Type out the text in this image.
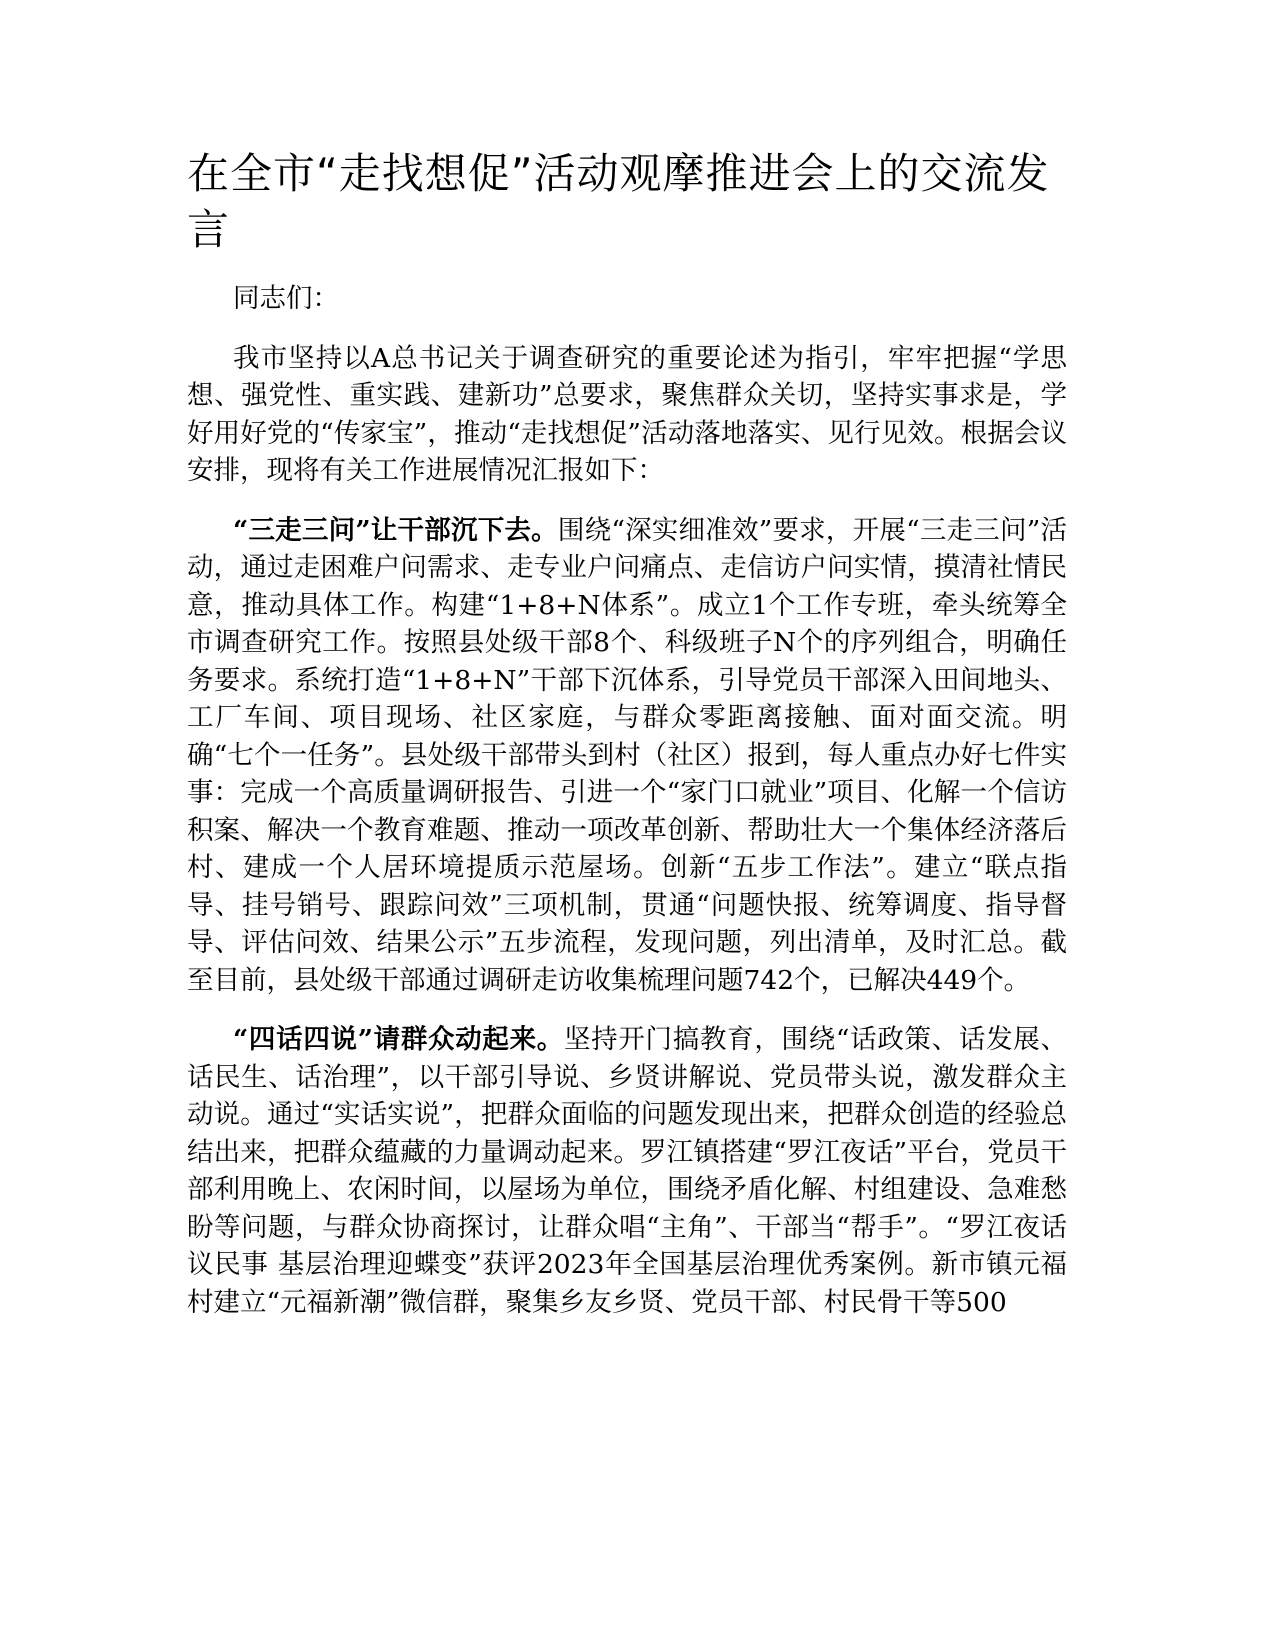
在全市“走找想促”活动观摩推进会上的交流发言

同志们：

我市坚持以A总书记关于调查研究的重要论述为指引，牢牢把握“学思想、强党性、重实践、建新功”总要求，聚焦群众关切，坚持实事求是，学好用好党的“传家宝”，推动“走找想促”活动落地落实、见行见效。根据会议安排，现将有关工作进展情况汇报如下：

“三走三问”让干部沉下去。围绕“深实细准效”要求，开展“三走三问”活动，通过走困难户问需求、走专业户问痛点、走信访户问实情，摸清社情民意，推动具体工作。构建“1+8+N体系”。成立1个工作专班，牵头统筹全市调查研究工作。按照县处级干部8个、科级班子N个的序列组合，明确任务要求。系统打造“1+8+N”干部下沉体系，引导党员干部深入田间地头、工厂车间、项目现场、社区家庭，与群众零距离接触、面对面交流。明确“七个一任务”。县处级干部带头到村（社区）报到，每人重点办好七件实事：完成一个高质量调研报告、引进一个“家门口就业”项目、化解一个信访积案、解决一个教育难题、推动一项改革创新、帮助壮大一个集体经济落后村、建成一个人居环境提质示范屋场。创新“五步工作法”。建立“联点指导、挂号销号、跟踪问效”三项机制，贯通“问题快报、统筹调度、指导督导、评估问效、结果公示”五步流程，发现问题，列出清单，及时汇总。截至目前，县处级干部通过调研走访收集梳理问题742个，已解决449个。

“四话四说”请群众动起来。坚持开门搞教育，围绕“话政策、话发展、话民生、话治理”，以干部引导说、乡贤讲解说、党员带头说，激发群众主动说。通过“实话实说”，把群众面临的问题发现出来，把群众创造的经验总结出来，把群众蕴藏的力量调动起来。罗江镇搭建“罗江夜话”平台，党员干部利用晚上、农闲时间，以屋场为单位，围绕矛盾化解、村组建设、急难愁盼等问题，与群众协商探讨，让群众唱“主角”、干部当“帮手”。“罗江夜话议民事 基层治理迎蝶变”获评2023年全国基层治理优秀案例。新市镇元福村建立“元福新潮”微信群，聚集乡友乡贤、党员干部、村民骨干等500
